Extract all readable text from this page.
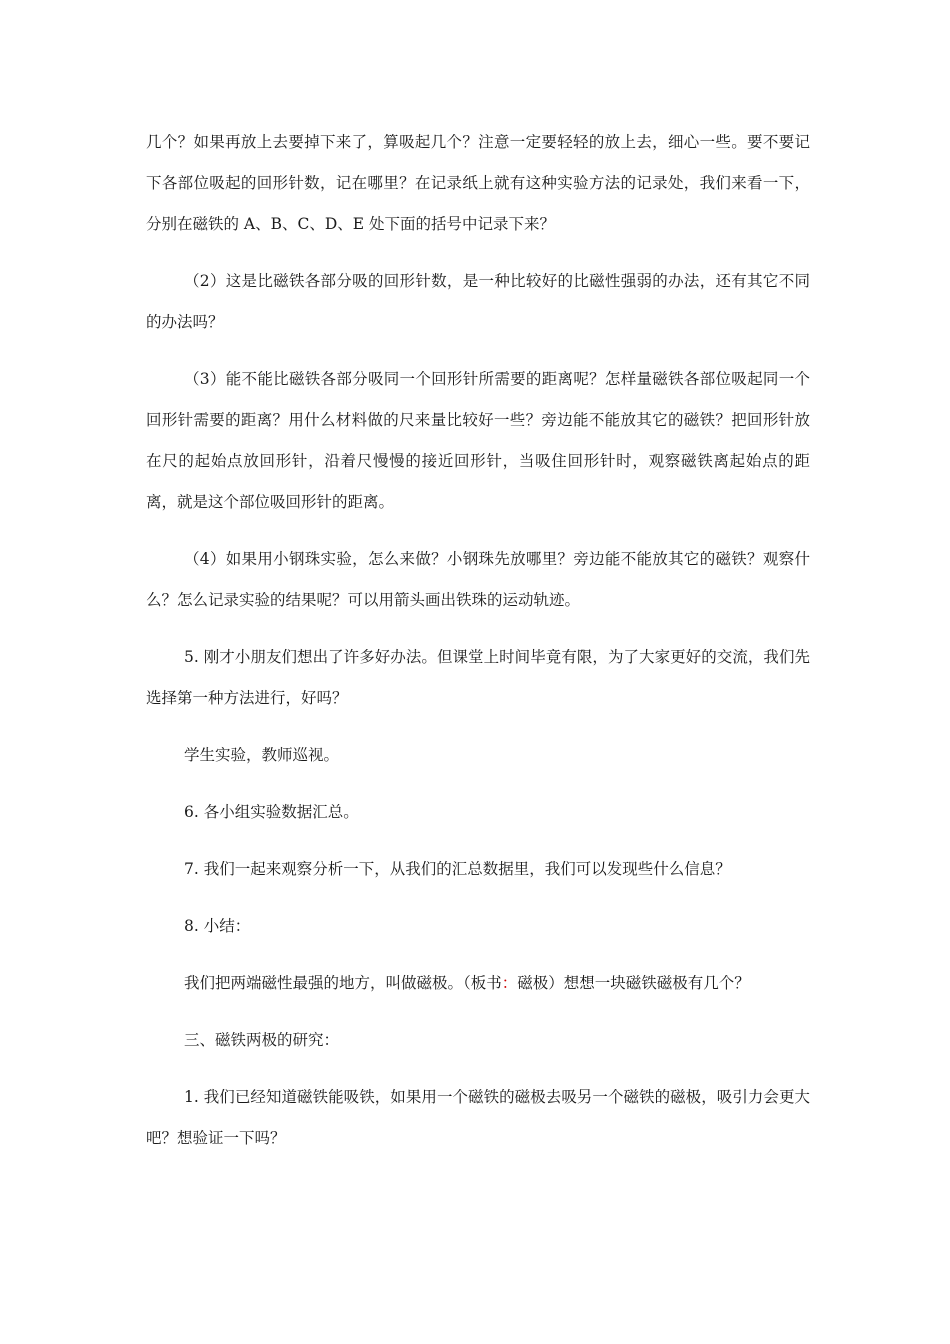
几个？如果再放上去要掉下来了，算吸起几个？注意一定要轻轻的放上去，细心一些。要不要记下各部位吸起的回形针数，记在哪里？在记录纸上就有这种实验方法的记录处，我们来看一下，分别在磁铁的 A、B、C、D、E 处下面的括号中记录下来？

（2）这是比磁铁各部分吸的回形针数，是一种比较好的比磁性强弱的办法，还有其它不同的办法吗？

（3）能不能比磁铁各部分吸同一个回形针所需要的距离呢？怎样量磁铁各部位吸起同一个回形针需要的距离？用什么材料做的尺来量比较好一些？旁边能不能放其它的磁铁？把回形针放在尺的起始点放回形针，沿着尺慢慢的接近回形针，当吸住回形针时，观察磁铁离起始点的距离，就是这个部位吸回形针的距离。

（4）如果用小钢珠实验，怎么来做？小钢珠先放哪里？旁边能不能放其它的磁铁？观察什么？怎么记录实验的结果呢？可以用箭头画出铁珠的运动轨迹。

5. 刚才小朋友们想出了许多好办法。但课堂上时间毕竟有限，为了大家更好的交流，我们先选择第一种方法进行，好吗？

学生实验，教师巡视。

6. 各小组实验数据汇总。

7. 我们一起来观察分析一下，从我们的汇总数据里，我们可以发现些什么信息？

8. 小结：

我们把两端磁性最强的地方，叫做磁极。（板书：磁极）想想一块磁铁磁极有几个？

三、磁铁两极的研究：

1. 我们已经知道磁铁能吸铁，如果用一个磁铁的磁极去吸另一个磁铁的磁极，吸引力会更大吧？想验证一下吗？
